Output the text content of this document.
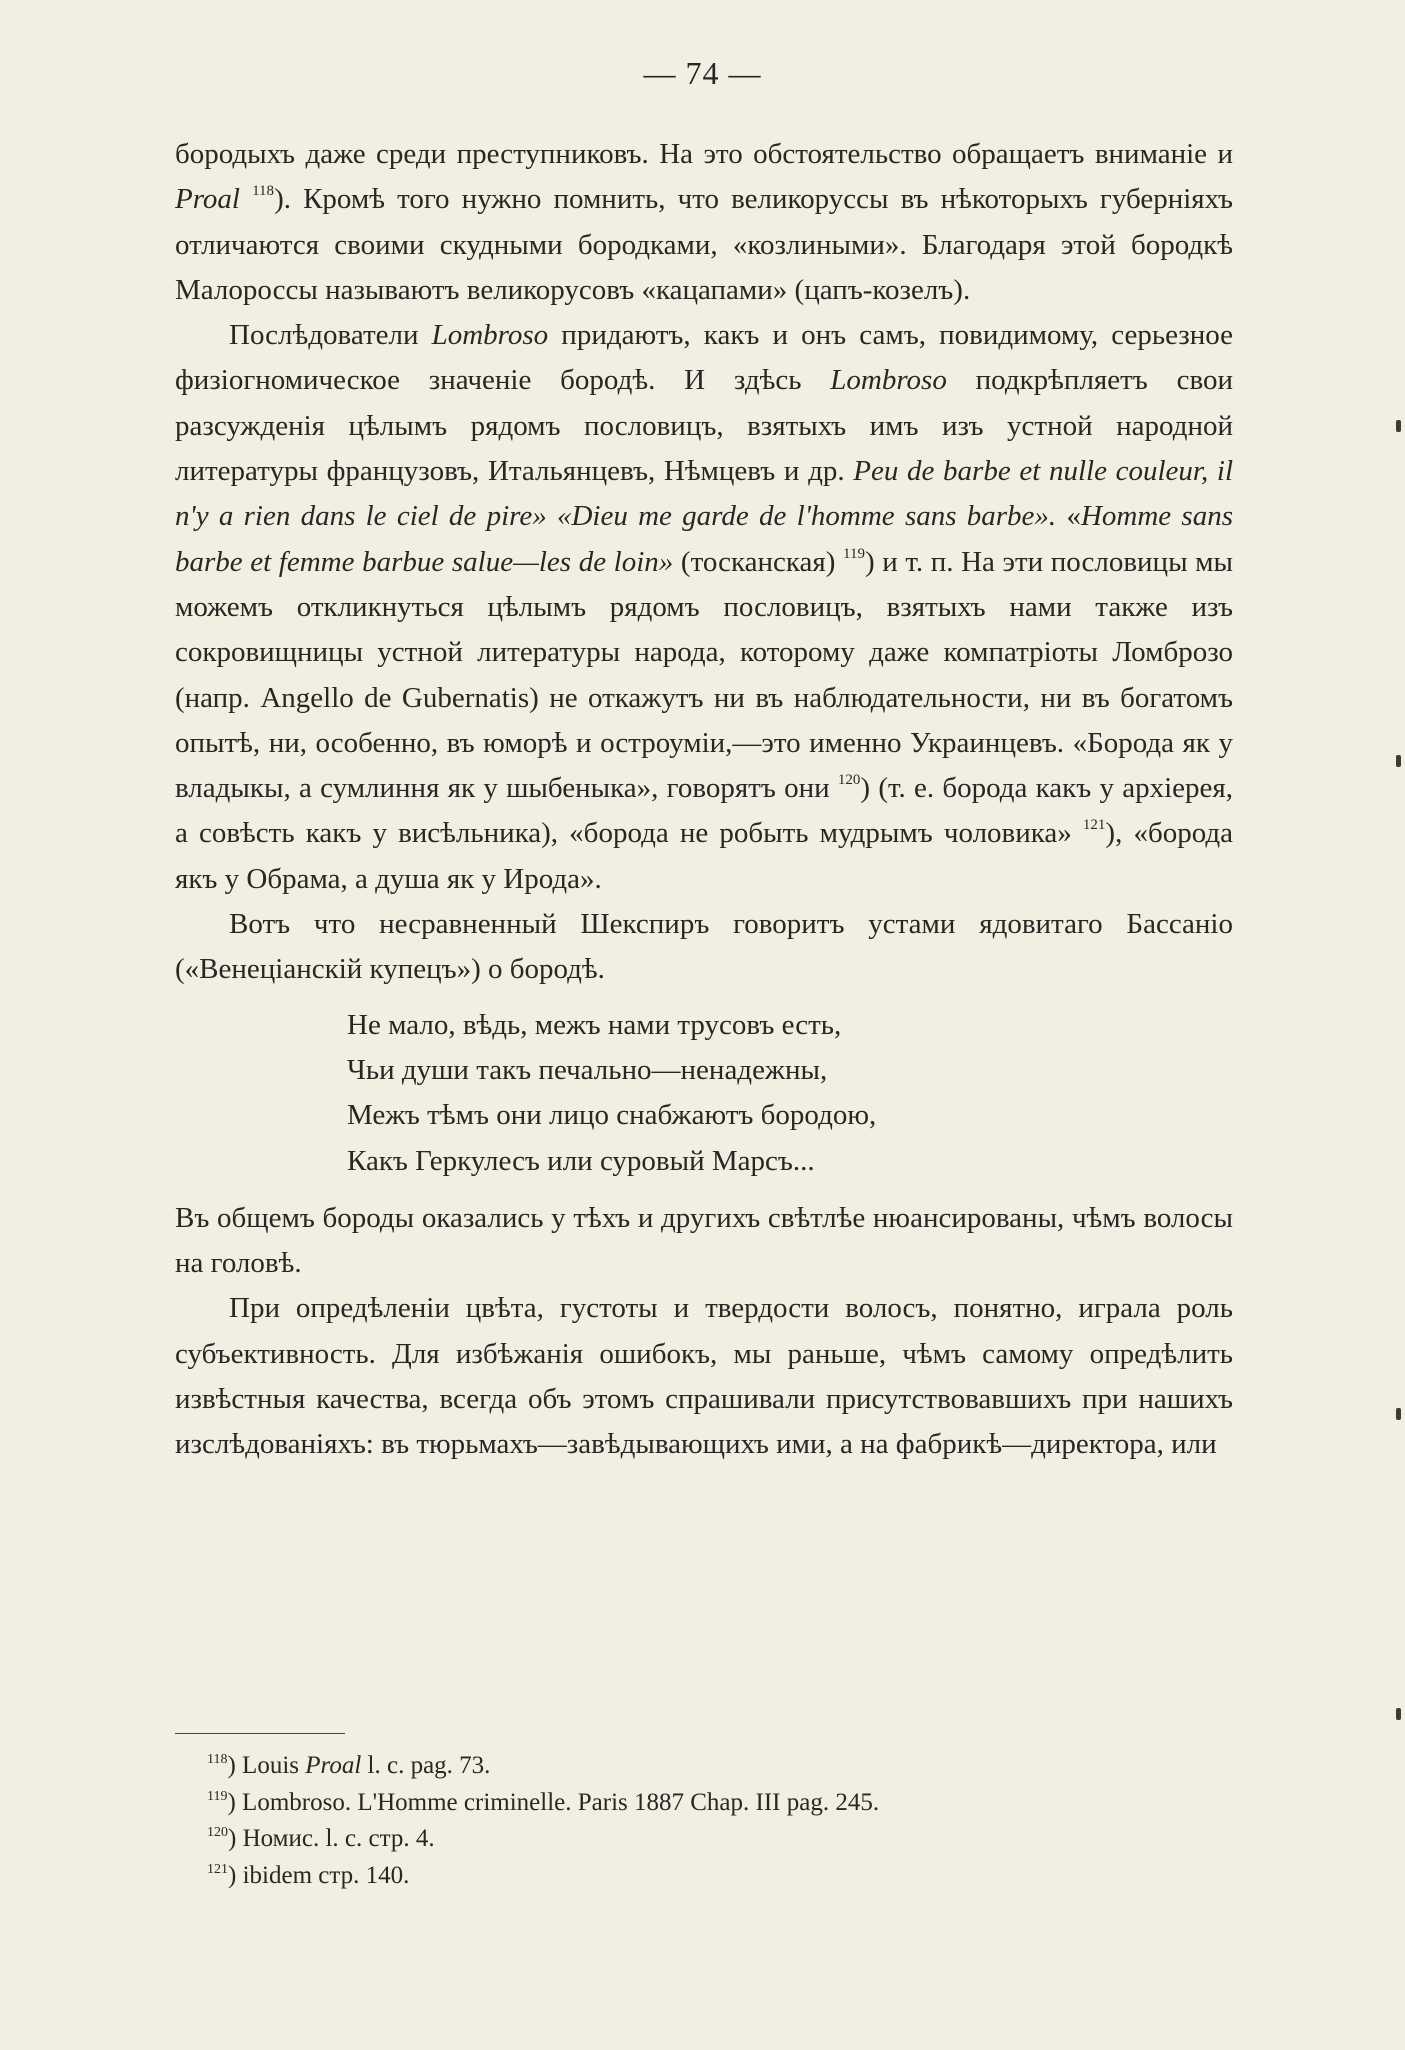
— 74 —

бородыхъ даже среди преступниковъ. На это обстоятельство обращаетъ вниманіе и Proal $^{118}$). Кромѣ того нужно помнить, что великоруссы въ нѣкоторыхъ губерніяхъ отличаются своими скудными бородками, «козлиными». Благодаря этой бородкѣ Малороссы называютъ великорусовъ «кацапами» (цапъ-козелъ).

Послѣдователи Lombroso придаютъ, какъ и онъ самъ, повидимому, серьезное физіогномическое значеніе бородѣ. И здѣсь Lombroso подкрѣпляетъ свои разсужденія цѣлымъ рядомъ пословицъ, взятыхъ имъ изъ устной народной литературы французовъ, Итальянцевъ, Нѣмцевъ и др. Peu de barbe et nulle couleur, il n'y a rien dans le ciel de pire» «Dieu me garde de l'homme sans barbe». «Homme sans barbe et femme barbue salue—les de loin» (тосканская) $^{119}$) и т. п. На эти пословицы мы можемъ откликнуться цѣлымъ рядомъ пословицъ, взятыхъ нами также изъ сокровищницы устной литературы народа, которому даже компатріоты Ломброзо (напр. Angello de Gubernatis) не откажутъ ни въ наблюдательности, ни въ богатомъ опытѣ, ни, особенно, въ юморѣ и остроуміи,—это именно Украинцевъ. «Борода як у владыкы, а сумлиння як у шыбеныка», говорятъ они $^{120}$) (т. е. борода какъ у архіерея, а совѣсть какъ у висѣльника), «борода не робыть мудрымъ чоловика» $^{121}$), «борода якъ у Обрама, а душа як у Ирода».

Вотъ что несравненный Шекспиръ говоритъ устами ядовитаго Бассаніо («Венеціанскій купецъ») о бородѣ.

Не мало, вѣдь, межъ нами трусовъ есть,
Чьи души такъ печально—ненадежны,
Межъ тѣмъ они лицо снабжаютъ бородою,
Какъ Геркулесъ или суровый Марсъ...

Въ общемъ бороды оказались у тѣхъ и другихъ свѣтлѣе нюансированы, чѣмъ волосы на головѣ.

При опредѣленіи цвѣта, густоты и твердости волосъ, понятно, играла роль субъективность. Для избѣжанія ошибокъ, мы раньше, чѣмъ самому опредѣлить извѣстныя качества, всегда объ этомъ спрашивали присутствовавшихъ при нашихъ изслѣдованіяхъ: въ тюрьмахъ—завѣдывающихъ ими, а на фабрикѣ—директора, или

$^{118}$) Louis Proal l. c. pag. 73.
$^{119}$) Lombroso. L'Homme criminelle. Paris 1887 Chap. III pag. 245.
$^{120}$) Номис. l. c. стр. 4.
$^{121}$) ibidem стр. 140.
